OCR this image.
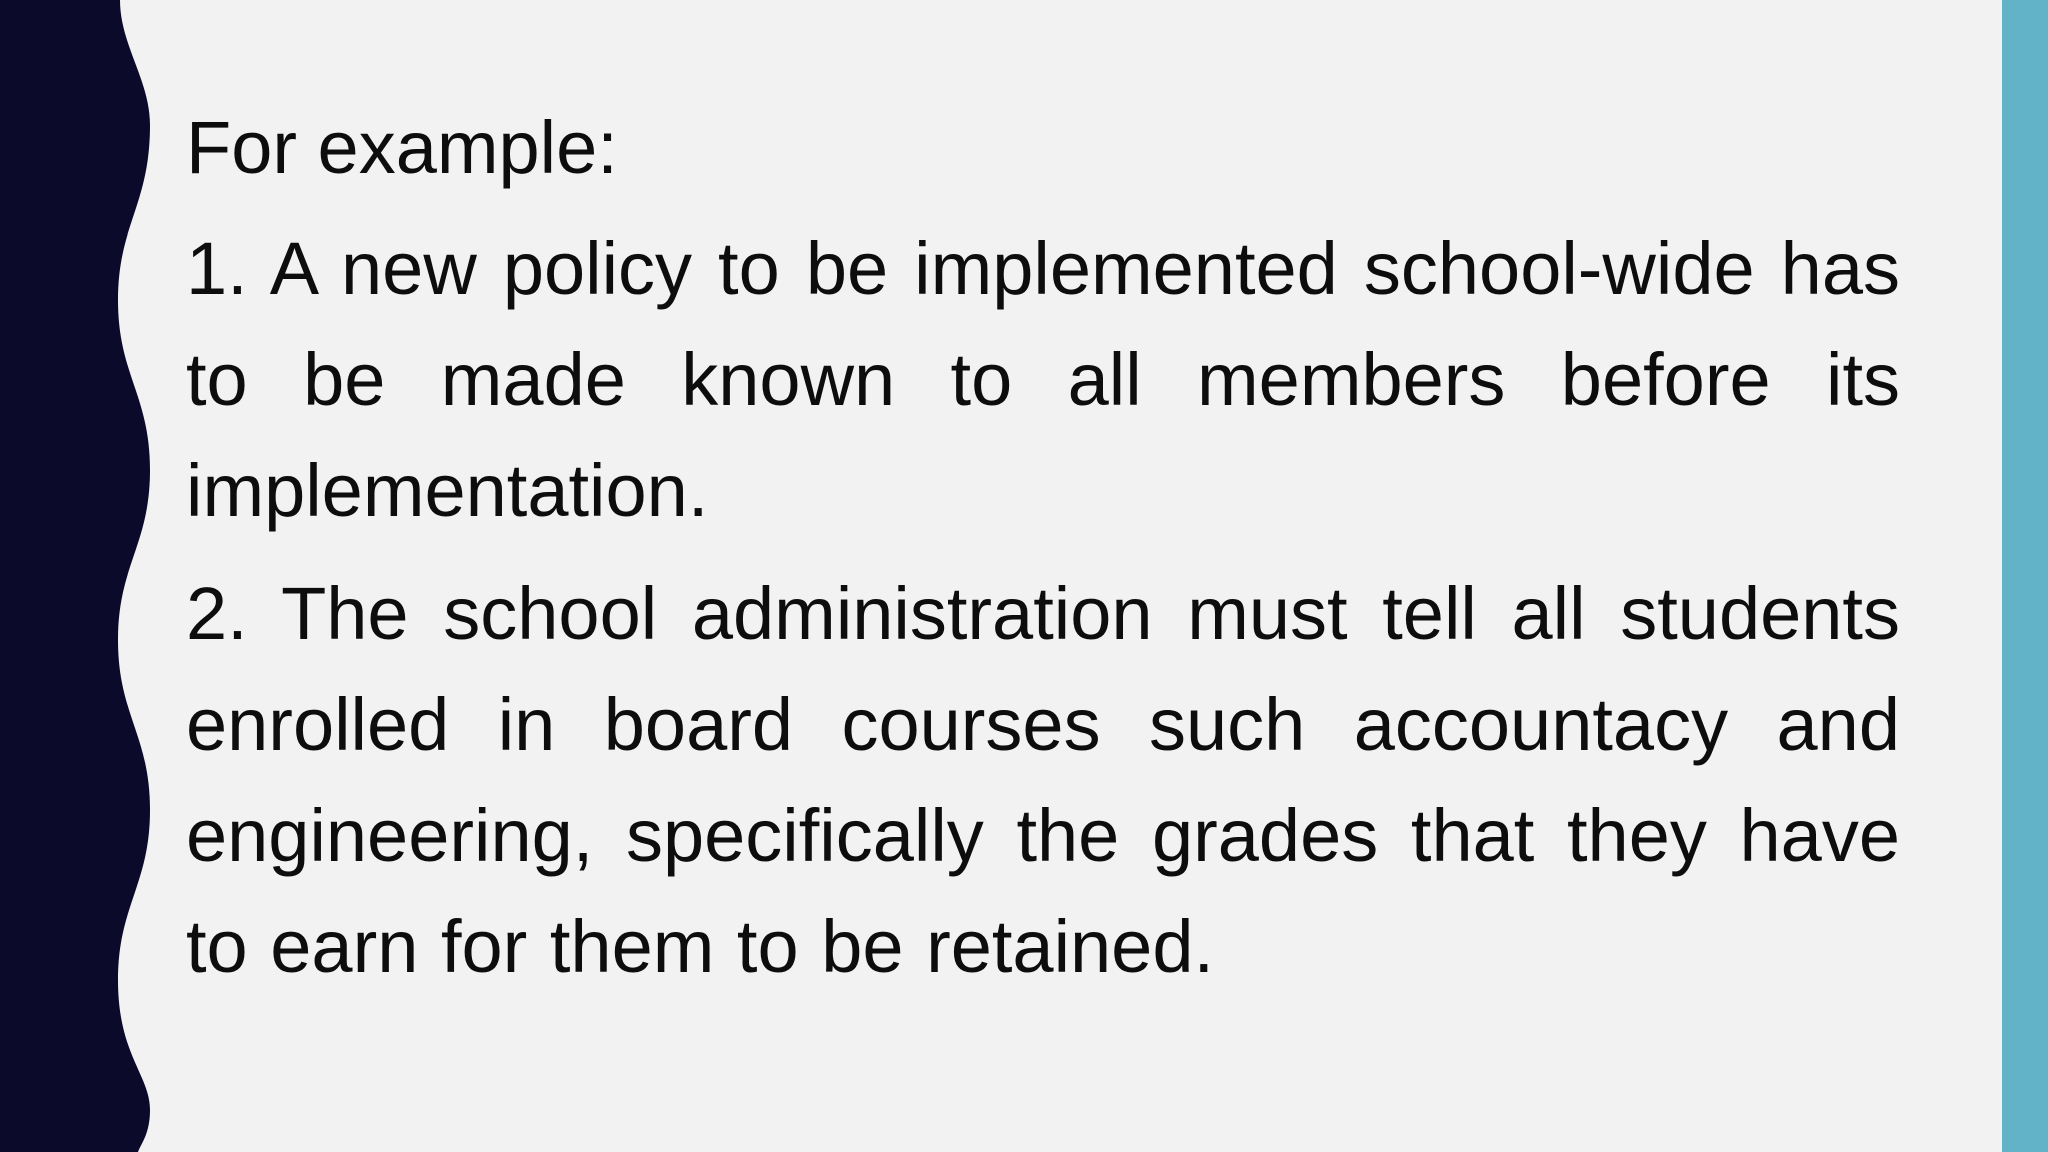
For example:
1. A new policy to be implemented school-wide has to be made known to all members before its implementation.
2. The school administration must tell all students enrolled in board courses such accountacy and engineering, specifically the grades that they have to earn for them to be retained.
